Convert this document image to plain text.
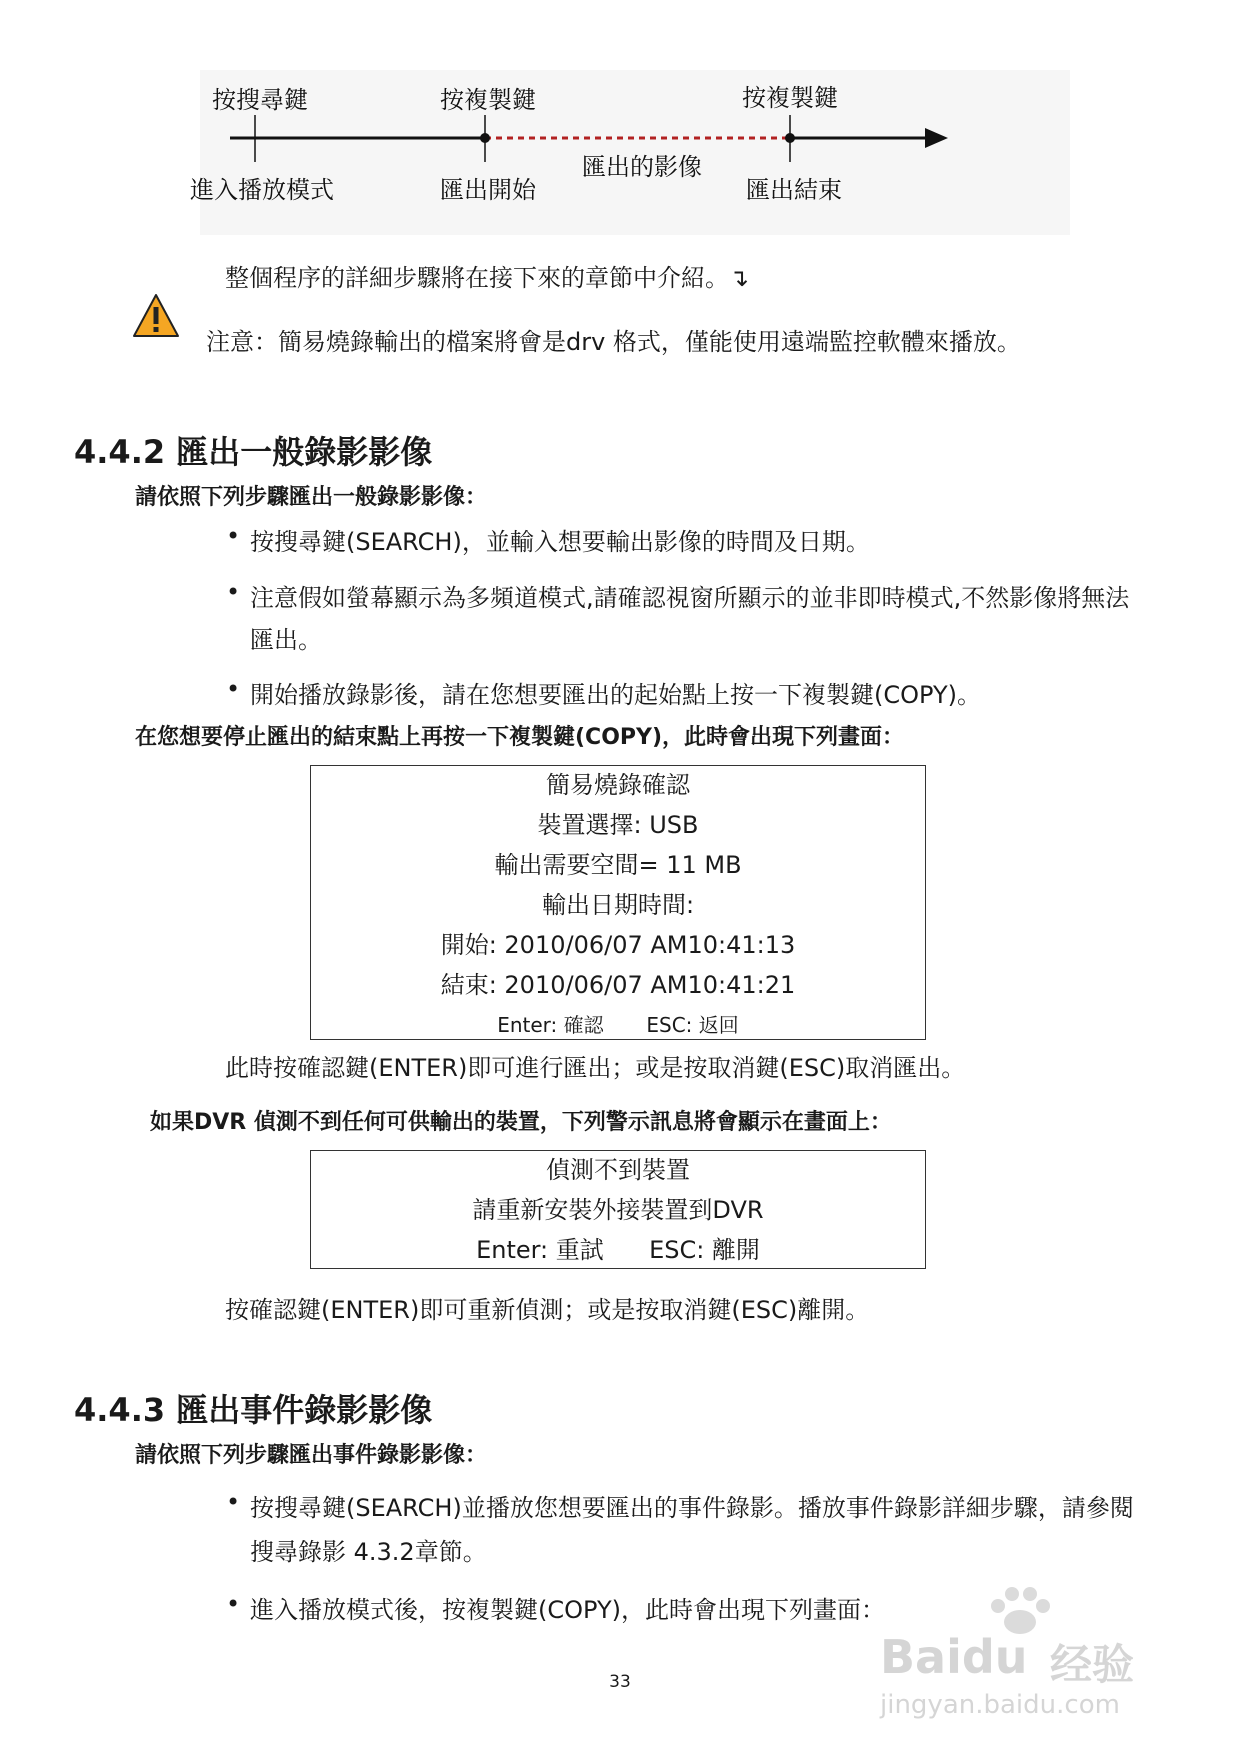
按搜尋鍵	按複製鍵	按複製鍵
進入播放模式	匯出開始
匯出的影像
匯出結束
整個程序的詳細步驟將在接下來的章節中介紹。↴
注意：簡易燒錄輸出的檔案將會是drv 格式，僅能使用遠端監控軟體來播放。
4.4.2 匯出一般錄影影像
請依照下列步驟匯出一般錄影影像：
• 按搜尋鍵(SEARCH)，並輸入想要輸出影像的時間及日期。
• 注意假如螢幕顯示為多頻道模式,請確認視窗所顯示的並非即時模式,不然影像將無法
匯出。
• 開始播放錄影後，請在您想要匯出的起始點上按一下複製鍵(COPY)。
在您想要停止匯出的結束點上再按一下複製鍵(COPY)，此時會出現下列畫面：
簡易燒錄確認
裝置選擇: USB
輸出需要空間= 11 MB
輸出日期時間:
開始: 2010/06/07 AM10:41:13
結束: 2010/06/07 AM10:41:21
Enter: 確認 ESC: 返回
此時按確認鍵(ENTER)即可進行匯出；或是按取消鍵(ESC)取消匯出。
如果DVR 偵測不到任何可供輸出的裝置，下列警示訊息將會顯示在畫面上：
偵測不到裝置
請重新安裝外接裝置到DVR
Enter: 重試 ESC: 離開
按確認鍵(ENTER)即可重新偵測；或是按取消鍵(ESC)離開。
4.4.3 匯出事件錄影影像
請依照下列步驟匯出事件錄影影像：
• 按搜尋鍵(SEARCH)並播放您想要匯出的事件錄影。播放事件錄影詳細步驟，請參閱
搜尋錄影 4.3.2章節。
• 進入播放模式後，按複製鍵(COPY)，此時會出現下列畫面：
33	Baidu 经验
jingyan.baidu.com
